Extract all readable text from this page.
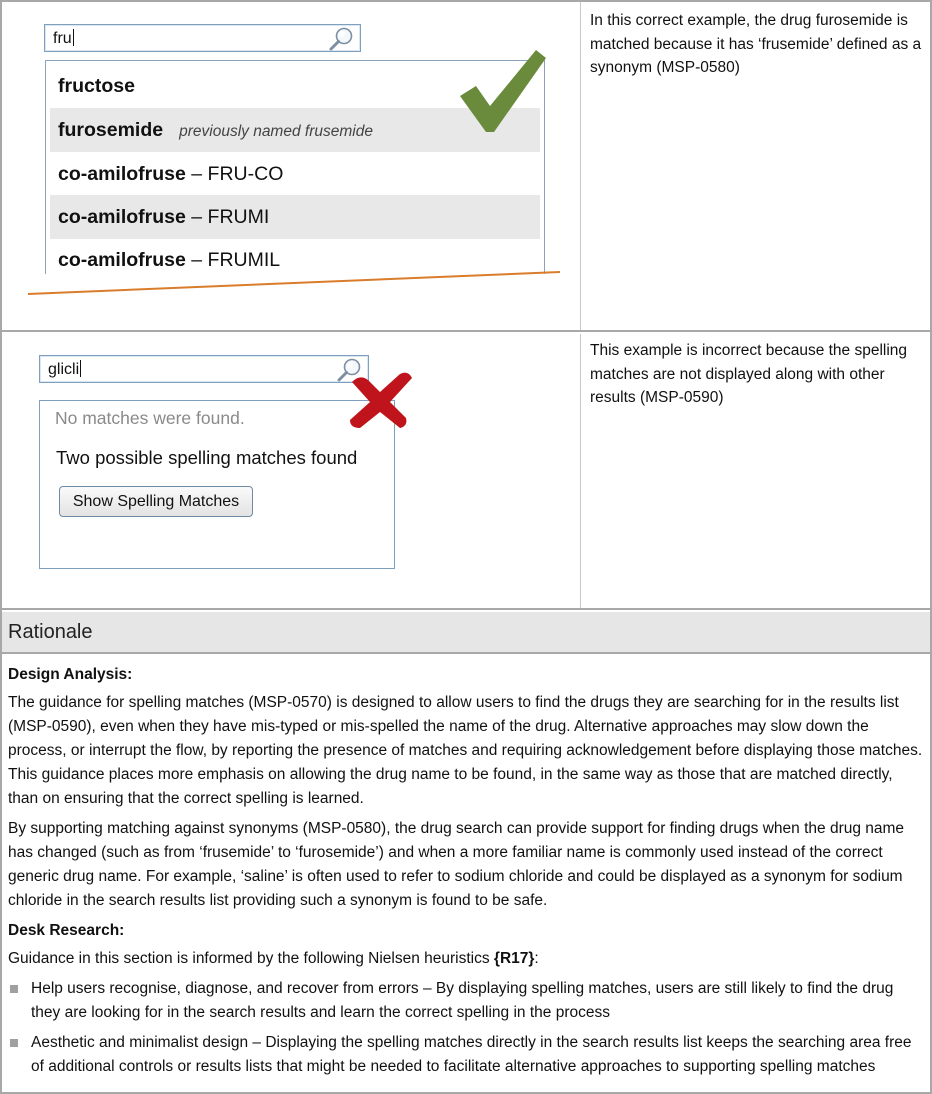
fru
fructose
furosemide previously named frusemide
co-amilofruse – FRU-CO
co-amilofruse – FRUMI
co-amilofruse – FRUMIL
In this correct example, the drug furosemide is matched because it has ‘frusemide’ defined as a synonym (MSP-0580)
glicli
No matches were found.
Two possible spelling matches found
Show Spelling Matches
This example is incorrect because the spelling matches are not displayed along with other results (MSP-0590)
Rationale
Design Analysis:

The guidance for spelling matches (MSP-0570) is designed to allow users to find the drugs they are searching for in the results list (MSP-0590), even when they have mis-typed or mis-spelled the name of the drug. Alternative approaches may slow down the process, or interrupt the flow, by reporting the presence of matches and requiring acknowledgement before displaying those matches. This guidance places more emphasis on allowing the drug name to be found, in the same way as those that are matched directly, than on ensuring that the correct spelling is learned.

By supporting matching against synonyms (MSP-0580), the drug search can provide support for finding drugs when the drug name has changed (such as from ‘frusemide’ to ‘furosemide’) and when a more familiar name is commonly used instead of the correct generic drug name. For example, ‘saline’ is often used to refer to sodium chloride and could be displayed as a synonym for sodium chloride in the search results list providing such a synonym is found to be safe.

Desk Research:

Guidance in this section is informed by the following Nielsen heuristics {R17}:

Help users recognise, diagnose, and recover from errors – By displaying spelling matches, users are still likely to find the drug they are looking for in the search results and learn the correct spelling in the process
Aesthetic and minimalist design – Displaying the spelling matches directly in the search results list keeps the searching area free of additional controls or results lists that might be needed to facilitate alternative approaches to supporting spelling matches
